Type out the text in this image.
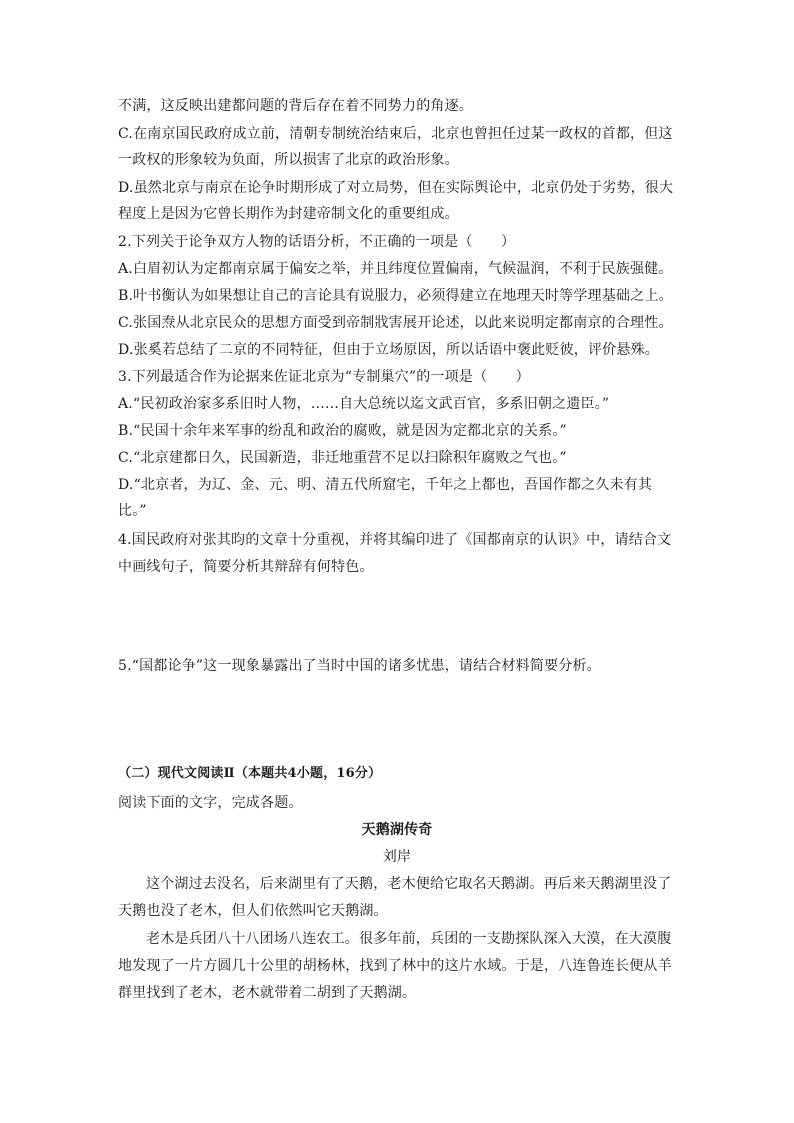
不满，这反映出建都问题的背后存在着不同势力的角逐。
C.在南京国民政府成立前，清朝专制统治结束后，北京也曾担任过某一政权的首都，但这
一政权的形象较为负面，所以损害了北京的政治形象。
D.虽然北京与南京在论争时期形成了对立局势，但在实际舆论中，北京仍处于劣势，很大
程度上是因为它曾长期作为封建帝制文化的重要组成。
2.下列关于论争双方人物的话语分析，不正确的一项是（　　）
A.白眉初认为定都南京属于偏安之举，并且纬度位置偏南，气候温润，不利于民族强健。
B.叶书衡认为如果想让自己的言论具有说服力，必须得建立在地理天时等学理基础之上。
C.张国焘从北京民众的思想方面受到帝制戕害展开论述，以此来说明定都南京的合理性。
D.张奚若总结了二京的不同特征，但由于立场原因，所以话语中褒此贬彼，评价悬殊。
3.下列最适合作为论据来佐证北京为“专制巢穴”的一项是（　　）
A.“民初政治家多系旧时人物，……自大总统以迄文武百官，多系旧朝之遗臣。”
B.“民国十余年来军事的纷乱和政治的腐败，就是因为定都北京的关系。”
C.“北京建都日久，民国新造，非迁地重营不足以扫除积年腐败之气也。”
D.“北京者，为辽、金、元、明、清五代所窟宅，千年之上都也，吾国作都之久未有其
比。”
4.国民政府对张其昀的文章十分重视，并将其编印进了《国都南京的认识》中，请结合文
中画线句子，简要分析其辩辞有何特色。
5.“国都论争”这一现象暴露出了当时中国的诸多忧患，请结合材料简要分析。
（二）现代文阅读Ⅱ（本题共4小题，16分）
阅读下面的文字，完成各题。
天鹅湖传奇
刘岸
这个湖过去没名，后来湖里有了天鹅，老木便给它取名天鹅湖。再后来天鹅湖里没了
天鹅也没了老木，但人们依然叫它天鹅湖。
老木是兵团八十八团场八连农工。很多年前，兵团的一支勘探队深入大漠，在大漠腹
地发现了一片方圆几十公里的胡杨林，找到了林中的这片水域。于是，八连鲁连长便从羊
群里找到了老木，老木就带着二胡到了天鹅湖。
